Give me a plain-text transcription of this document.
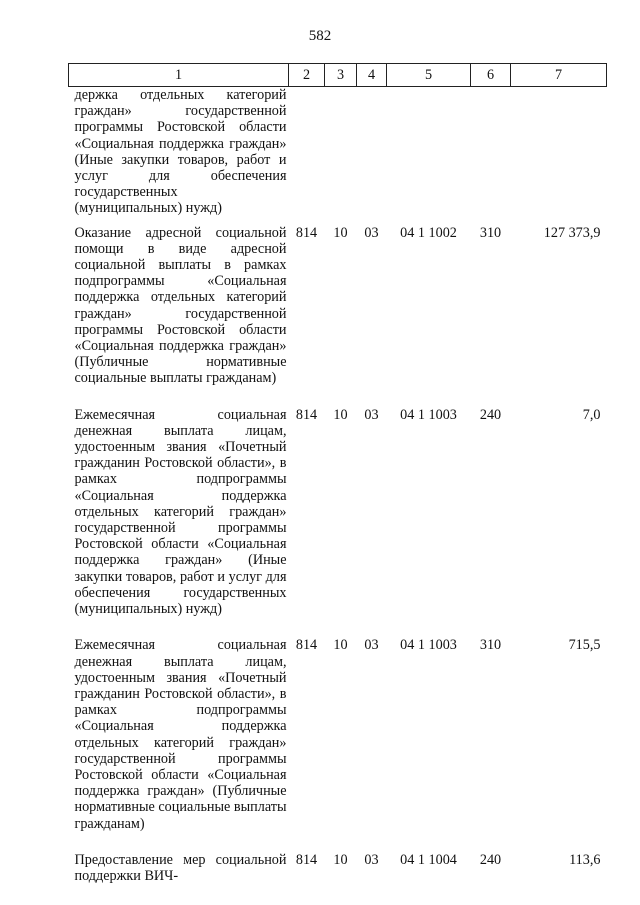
582
1	2	3	4	5	6	7
держка отдельных категорий граждан» государственной программы Ростовской области «Социальная поддержка граждан» (Иные закупки товаров, работ и услуг для обеспечения государственных (муниципальных) нужд)						
Оказание адресной социальной помощи в виде адресной социальной выплаты в рамках подпрограммы «Социальная поддержка отдельных категорий граждан» государственной программы Ростовской области «Социальная поддержка граждан» (Публичные нормативные социальные выплаты гражданам)	814	10	03	04 1 1002	310	127 373,9
Ежемесячная социальная денежная выплата лицам, удостоенным звания «Почетный гражданин Ростовской области», в рамках подпрограммы «Социальная поддержка отдельных категорий граждан» государственной программы Ростовской области «Социальная поддержка граждан» (Иные закупки товаров, работ и услуг для обеспечения государственных (муниципальных) нужд)	814	10	03	04 1 1003	240	7,0
Ежемесячная социальная денежная выплата лицам, удостоенным звания «Почетный гражданин Ростовской области», в рамках подпрограммы «Социальная поддержка отдельных категорий граждан» государственной программы Ростовской области «Социальная поддержка граждан» (Публичные нормативные социальные выплаты гражданам)	814	10	03	04 1 1003	310	715,5
Предоставление мер социальной поддержки ВИЧ-	814	10	03	04 1 1004	240	113,6
